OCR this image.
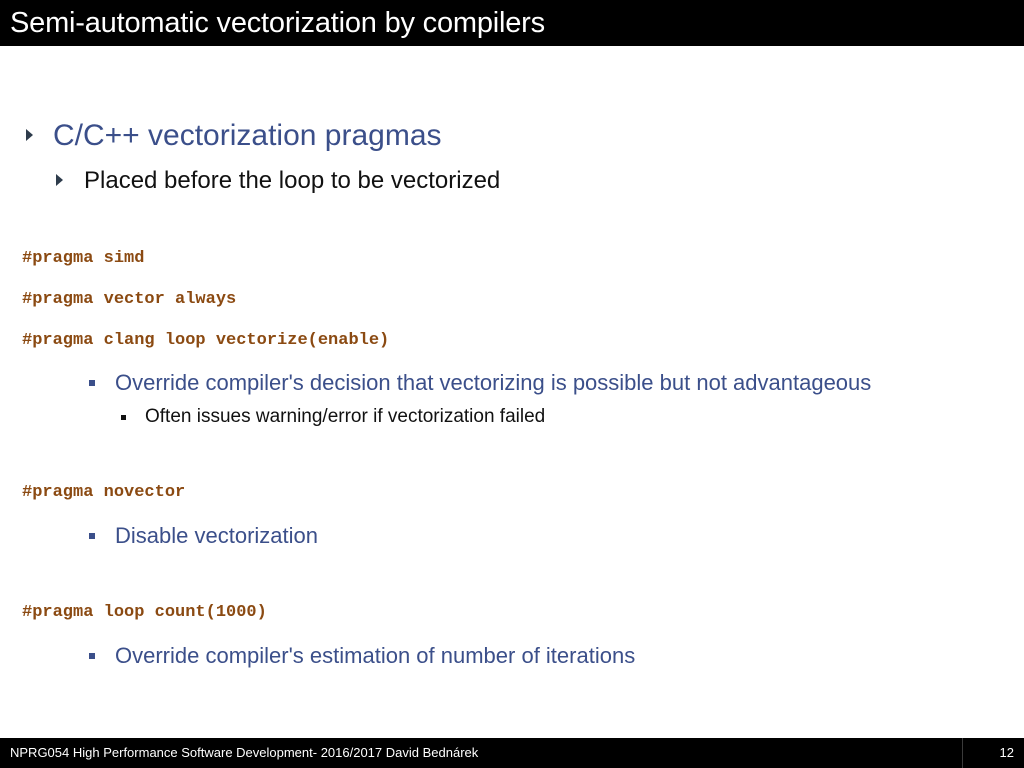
Semi-automatic vectorization by compilers
C/C++ vectorization pragmas
Placed before the loop to be vectorized
#pragma simd
#pragma vector always
#pragma clang loop vectorize(enable)
Override compiler's decision that vectorizing is possible but not advantageous
Often issues warning/error if vectorization failed
#pragma novector
Disable vectorization
#pragma loop count(1000)
Override compiler's estimation of number of iterations
NPRG054 High Performance Software Development- 2016/2017 David Bednárek	12
